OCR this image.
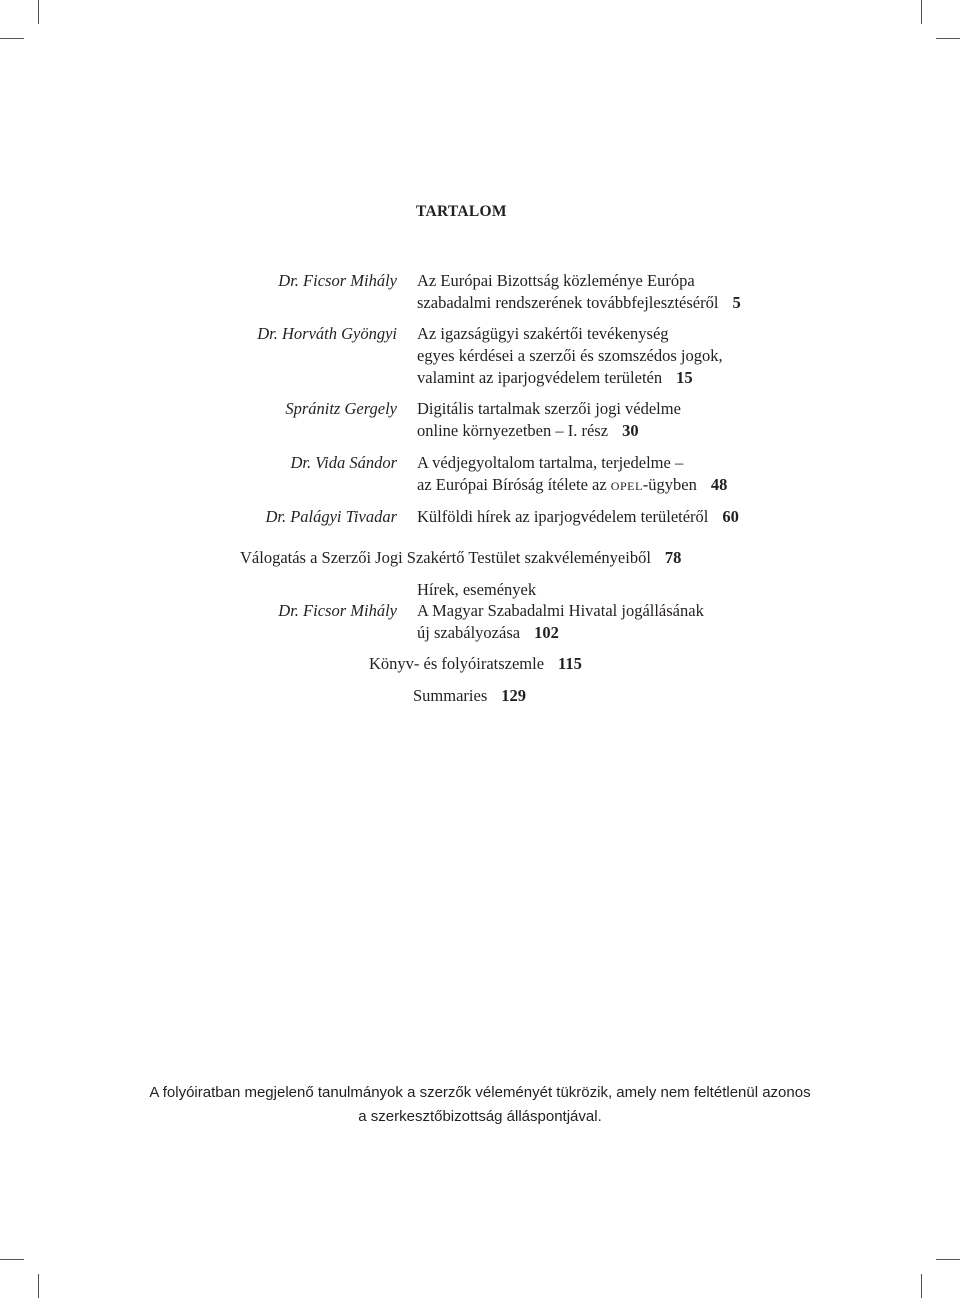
TARTALOM
Dr. Ficsor Mihály Az Európai Bizottság közleménye Európa
szabadalmi rendszerének továbbfejlesztéséről 5
Dr. Horváth Gyöngyi Az igazságügyi szakértői tevékenység
egyes kérdései a szerzői és szomszédos jogok,
valamint az iparjogvédelem területén 15
Spránitz Gergely Digitális tartalmak szerzői jogi védelme
online környezetben – I. rész 30
Dr. Vida Sándor A védjegyoltalom tartalma, terjedelme –
az Európai Bíróság ítélete az opel-ügyben 48
Dr. Palágyi Tivadar Külföldi hírek az iparjogvédelem területéről 60
Válogatás a Szerzői Jogi Szakértő Testület szakvéleményeiből 78
Hírek, események
Dr. Ficsor Mihály A Magyar Szabadalmi Hivatal jogállásának
új szabályozása 102
Könyv- és folyóiratszemle 115
Summaries 129
A folyóiratban megjelenő tanulmányok a szerzők véleményét tükrözik, amely nem feltétlenül azonos
a szerkesztőbizottság álláspontjával.
